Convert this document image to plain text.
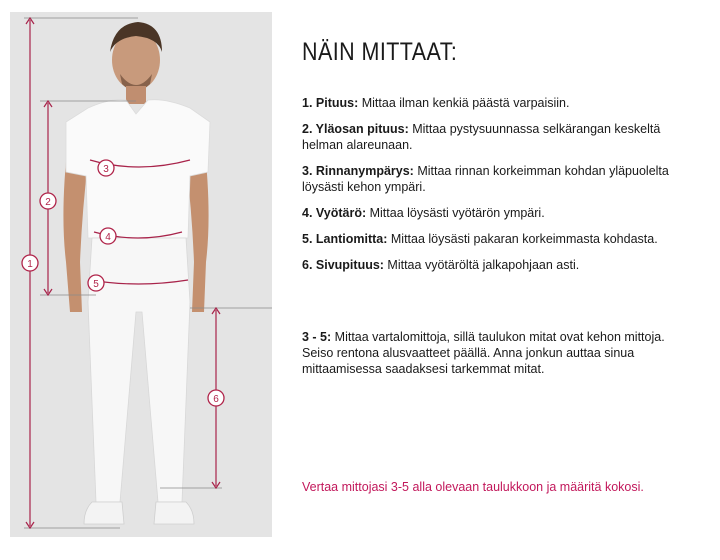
1
2
3
4
5
6
NÄIN MITTAAT:
1. Pituus: Mittaa ilman kenkiä päästä varpaisiin.
2. Yläosan pituus: Mittaa pystysuunnassa selkärangan keskeltä helman alareunaan.
3. Rinnanympärys: Mittaa rinnan korkeimman kohdan yläpuolelta löysästi kehon ympäri.
4. Vyötärö: Mittaa löysästi vyötärön ympäri.
5. Lantiomitta: Mittaa löysästi pakaran korkeimmasta kohdasta.
6. Sivupituus: Mittaa vyötäröltä jalkapohjaan asti.
3 - 5: Mittaa vartalomittoja, sillä taulukon mitat ovat kehon mittoja. Seiso rentona alusvaatteet päällä. Anna jonkun auttaa sinua mittaamisessa saadaksesi tarkemmat mitat.
Vertaa mittojasi 3-5 alla olevaan taulukkoon ja määritä kokosi.
